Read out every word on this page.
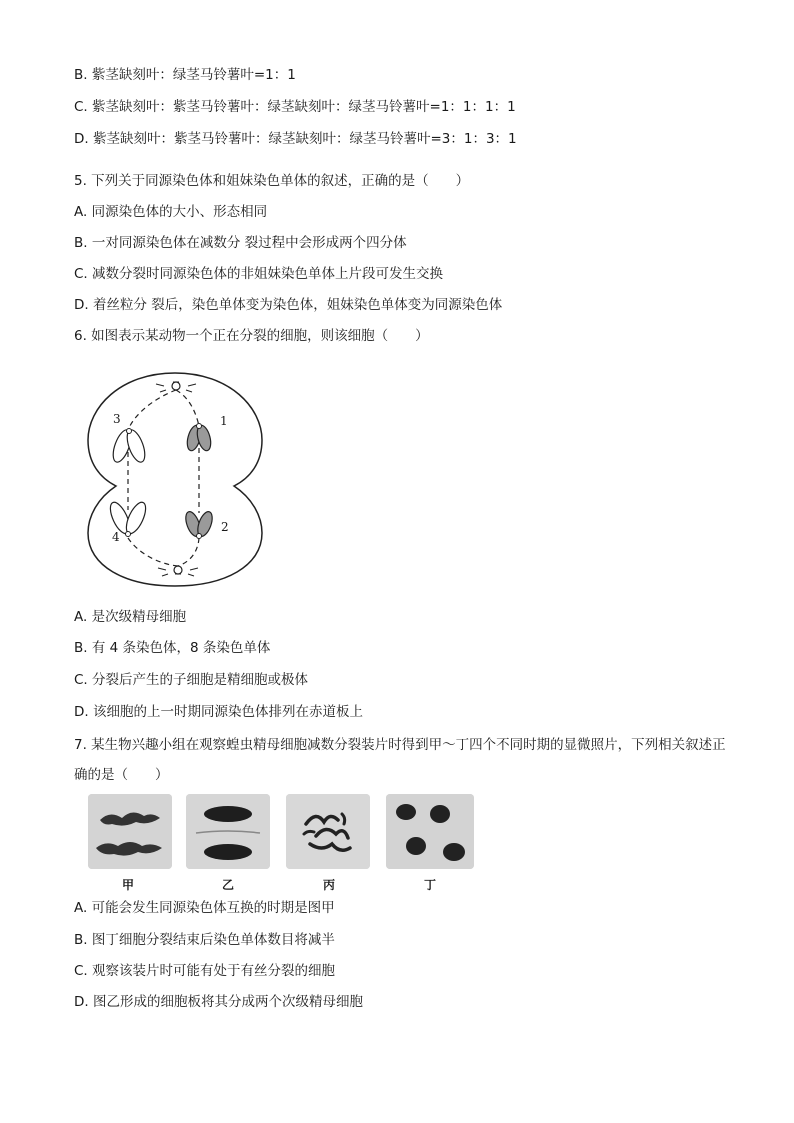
B. 紫茎缺刻叶：绿茎马铃薯叶=1：1
C. 紫茎缺刻叶：紫茎马铃薯叶：绿茎缺刻叶：绿茎马铃薯叶=1：1：1：1
D. 紫茎缺刻叶：紫茎马铃薯叶：绿茎缺刻叶：绿茎马铃薯叶=3：1：3：1
5. 下列关于同源染色体和姐妹染色单体的叙述，正确的是（　　）
A. 同源染色体的大小、形态相同
B. 一对同源染色体在减数分 裂过程中会形成两个四分体
C. 减数分裂时同源染色体的非姐妹染色单体上片段可发生交换
D. 着丝粒分 裂后，染色单体变为染色体，姐妹染色单体变为同源染色体
6. 如图表示某动物一个正在分裂的细胞，则该细胞（　　）
1
2
3
4
A. 是次级精母细胞
B. 有 4 条染色体，8 条染色单体
C. 分裂后产生的子细胞是精细胞或极体
D. 该细胞的上一时期同源染色体排列在赤道板上
7. 某生物兴趣小组在观察蝗虫精母细胞减数分裂装片时得到甲～丁四个不同时期的显微照片，下列相关叙述正确的是（　　）
甲	乙	丙	丁
A. 可能会发生同源染色体互换的时期是图甲
B. 图丁细胞分裂结束后染色单体数目将减半
C. 观察该装片时可能有处于有丝分裂的细胞
D. 图乙形成的细胞板将其分成两个次级精母细胞
